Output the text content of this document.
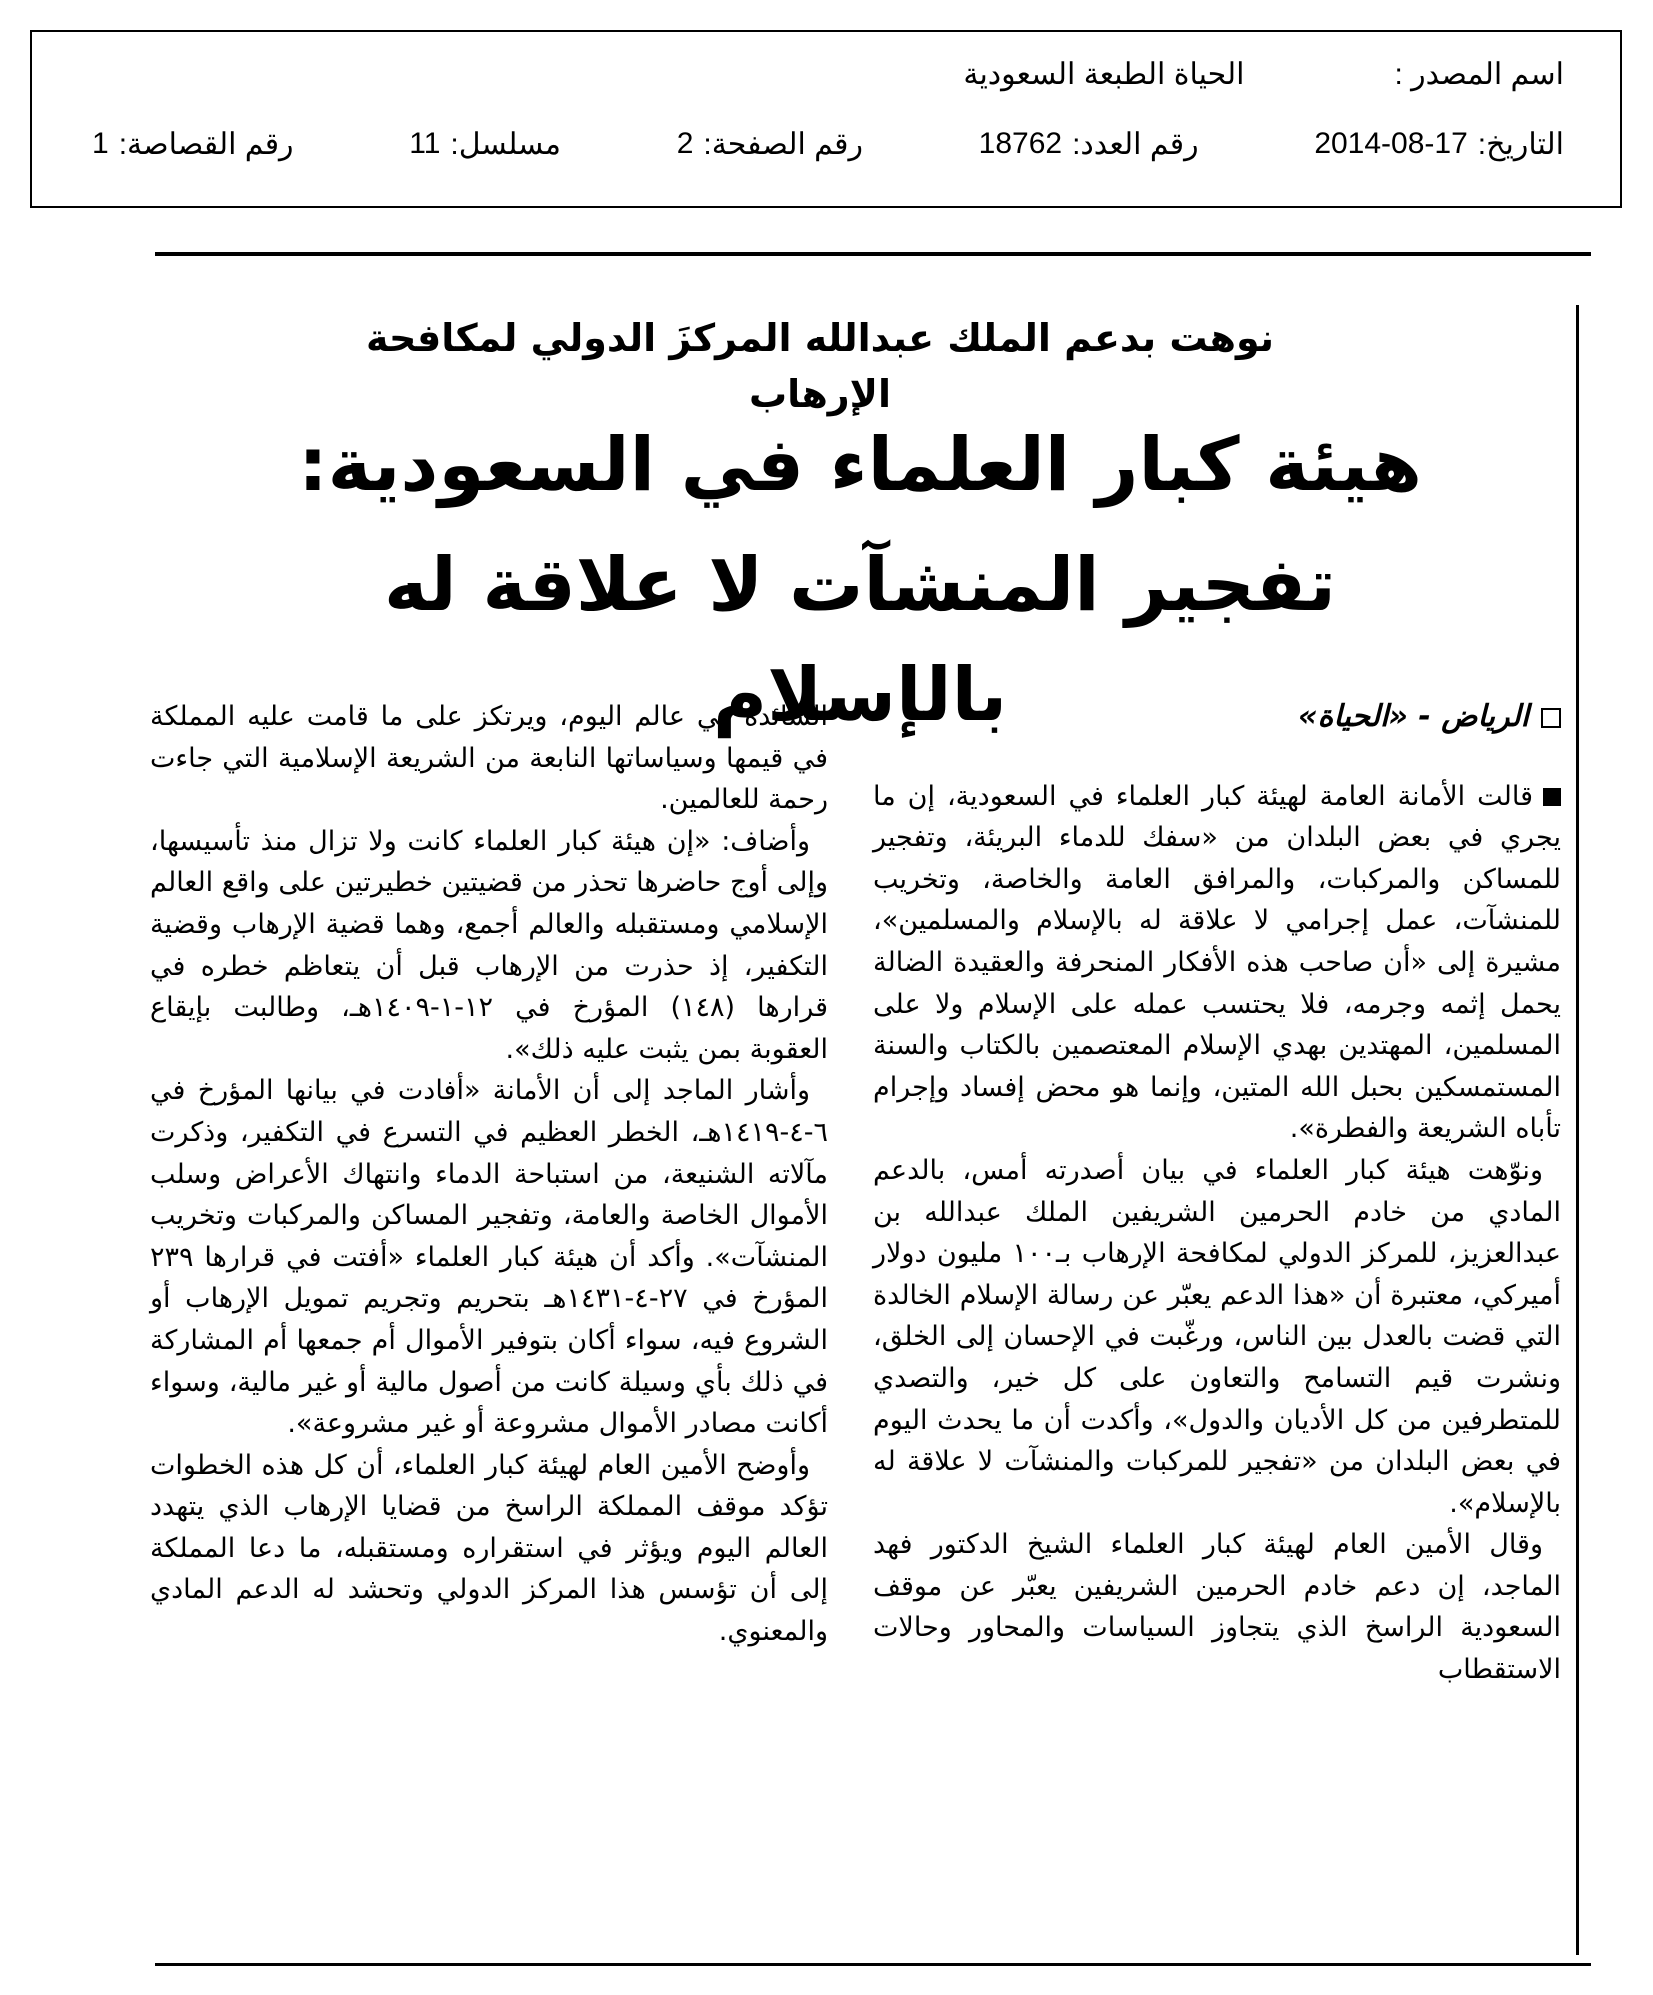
اسم المصدر :
الحياة الطبعة السعودية
التاريخ:
2014-08-17
رقم العدد:
18762
رقم الصفحة:
2
مسلسل:
11
رقم القصاصة:
1
نوهت بدعم الملك عبدالله المركزَ الدولي لمكافحة الإرهاب
هيئة كبار العلماء في السعودية:
تفجير المنشآت لا علاقة له بالإسلام	الرياض - «الحياة»

قالت الأمانة العامة لهيئة كبار العلماء في السعودية، إن ما يجري في بعض البلدان من «سفك للدماء البريئة، وتفجير للمساكن والمركبات، والمرافق العامة والخاصة، وتخريب للمنشآت، عمل إجرامي لا علاقة له بالإسلام والمسلمين»، مشيرة إلى «أن صاحب هذه الأفكار المنحرفة والعقيدة الضالة يحمل إثمه وجرمه، فلا يحتسب عمله على الإسلام ولا على المسلمين، المهتدين بهدي الإسلام المعتصمين بالكتاب والسنة المستمسكين بحبل الله المتين، وإنما هو محض إفساد وإجرام تأباه الشريعة والفطرة».

ونوّهت هيئة كبار العلماء في بيان أصدرته أمس، بالدعم المادي من خادم الحرمين الشريفين الملك عبدالله بن عبدالعزيز، للمركز الدولي لمكافحة الإرهاب بـ١٠٠ مليون دولار أميركي، معتبرة أن «هذا الدعم يعبّر عن رسالة الإسلام الخالدة التي قضت بالعدل بين الناس، ورغّبت في الإحسان إلى الخلق، ونشرت قيم التسامح والتعاون على كل خير، والتصدي للمتطرفين من كل الأديان والدول»، وأكدت أن ما يحدث اليوم في بعض البلدان من «تفجير للمركبات والمنشآت لا علاقة له بالإسلام».

وقال الأمين العام لهيئة كبار العلماء الشيخ الدكتور فهد الماجد، إن دعم خادم الحرمين الشريفين يعبّر عن موقف السعودية الراسخ الذي يتجاوز السياسات والمحاور وحالات الاستقطاب

السائدة في عالم اليوم، ويرتكز على ما قامت عليه المملكة في قيمها وسياساتها النابعة من الشريعة الإسلامية التي جاءت رحمة للعالمين.

وأضاف: «إن هيئة كبار العلماء كانت ولا تزال منذ تأسيسها، وإلى أوج حاضرها تحذر من قضيتين خطيرتين على واقع العالم الإسلامي ومستقبله والعالم أجمع، وهما قضية الإرهاب وقضية التكفير، إذ حذرت من الإرهاب قبل أن يتعاظم خطره في قرارها (١٤٨) المؤرخ في ١٢-١-١٤٠٩هـ، وطالبت بإيقاع العقوبة بمن يثبت عليه ذلك».

وأشار الماجد إلى أن الأمانة «أفادت في بيانها المؤرخ في ٦-٤-١٤١٩هـ، الخطر العظيم في التسرع في التكفير، وذكرت مآلاته الشنيعة، من استباحة الدماء وانتهاك الأعراض وسلب الأموال الخاصة والعامة، وتفجير المساكن والمركبات وتخريب المنشآت». وأكد أن هيئة كبار العلماء «أفتت في قرارها ٢٣٩ المؤرخ في ٢٧-٤-١٤٣١هـ بتحريم وتجريم تمويل الإرهاب أو الشروع فيه، سواء أكان بتوفير الأموال أم جمعها أم المشاركة في ذلك بأي وسيلة كانت من أصول مالية أو غير مالية، وسواء أكانت مصادر الأموال مشروعة أو غير مشروعة».

وأوضح الأمين العام لهيئة كبار العلماء، أن كل هذه الخطوات تؤكد موقف المملكة الراسخ من قضايا الإرهاب الذي يتهدد العالم اليوم ويؤثر في استقراره ومستقبله، ما دعا المملكة إلى أن تؤسس هذا المركز الدولي وتحشد له الدعم المادي والمعنوي.
